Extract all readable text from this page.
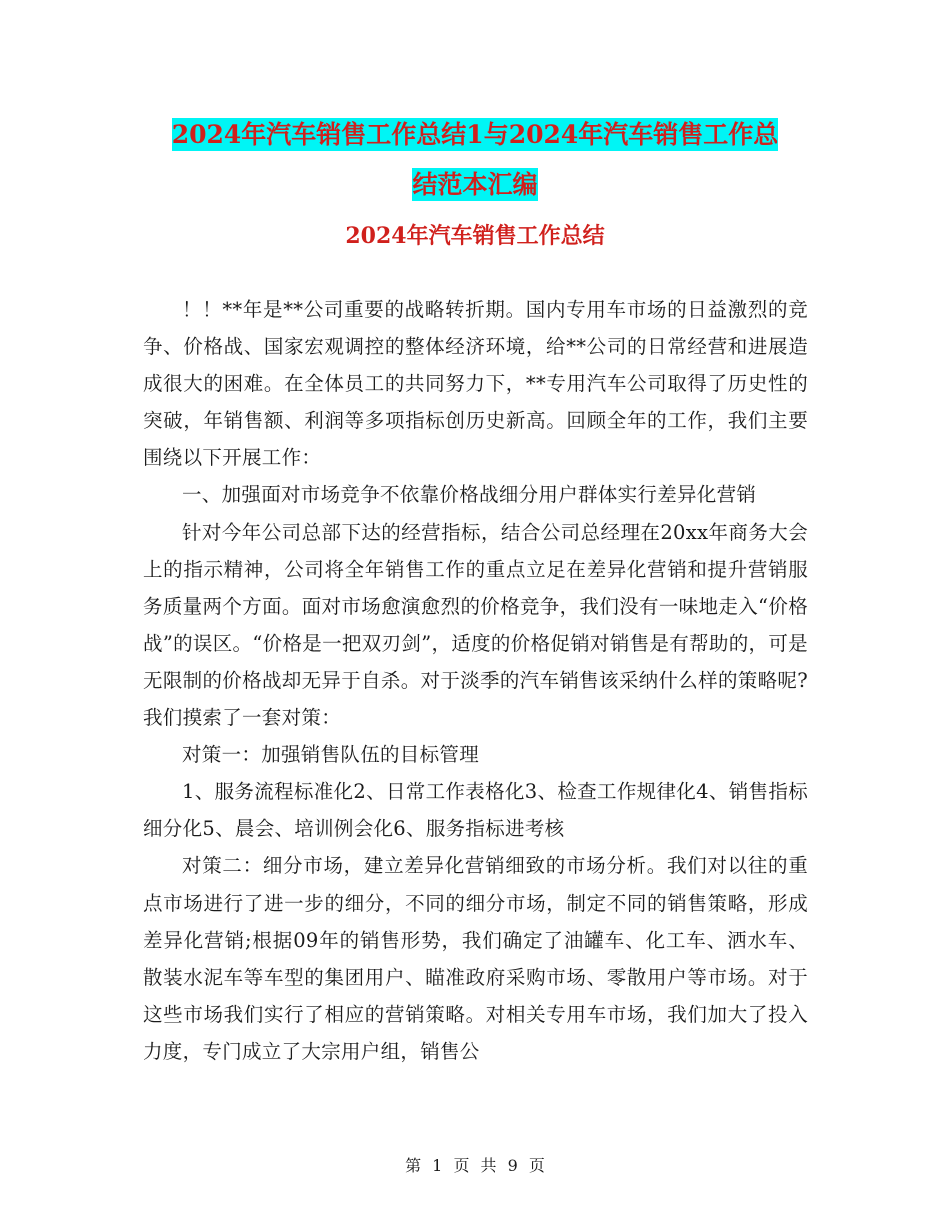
2024年汽车销售工作总结1与2024年汽车销售工作总
结范本汇编
2024年汽车销售工作总结

！！**年是**公司重要的战略转折期。国内专用车市场的日益激烈的竞争、价格战、国家宏观调控的整体经济环境，给**公司的日常经营和进展造成很大的困难。在全体员工的共同努力下，**专用汽车公司取得了历史性的突破，年销售额、利润等多项指标创历史新高。回顾全年的工作，我们主要围绕以下开展工作：

一、加强面对市场竞争不依靠价格战细分用户群体实行差异化营销

针对今年公司总部下达的经营指标，结合公司总经理在20xx年商务大会上的指示精神，公司将全年销售工作的重点立足在差异化营销和提升营销服务质量两个方面。面对市场愈演愈烈的价格竞争，我们没有一味地走入“价格战”的误区。“价格是一把双刃剑”，适度的价格促销对销售是有帮助的，可是无限制的价格战却无异于自杀。对于淡季的汽车销售该采纳什么样的策略呢?我们摸索了一套对策：

对策一：加强销售队伍的目标管理

1、服务流程标准化2、日常工作表格化3、检查工作规律化4、销售指标细分化5、晨会、培训例会化6、服务指标进考核

对策二：细分市场，建立差异化营销细致的市场分析。我们对以往的重点市场进行了进一步的细分，不同的细分市场，制定不同的销售策略，形成差异化营销;根据09年的销售形势，我们确定了油罐车、化工车、洒水车、散装水泥车等车型的集团用户、瞄准政府采购市场、零散用户等市场。对于这些市场我们实行了相应的营销策略。对相关专用车市场，我们加大了投入力度，专门成立了大宗用户组，销售公

第 1 页 共 9 页
